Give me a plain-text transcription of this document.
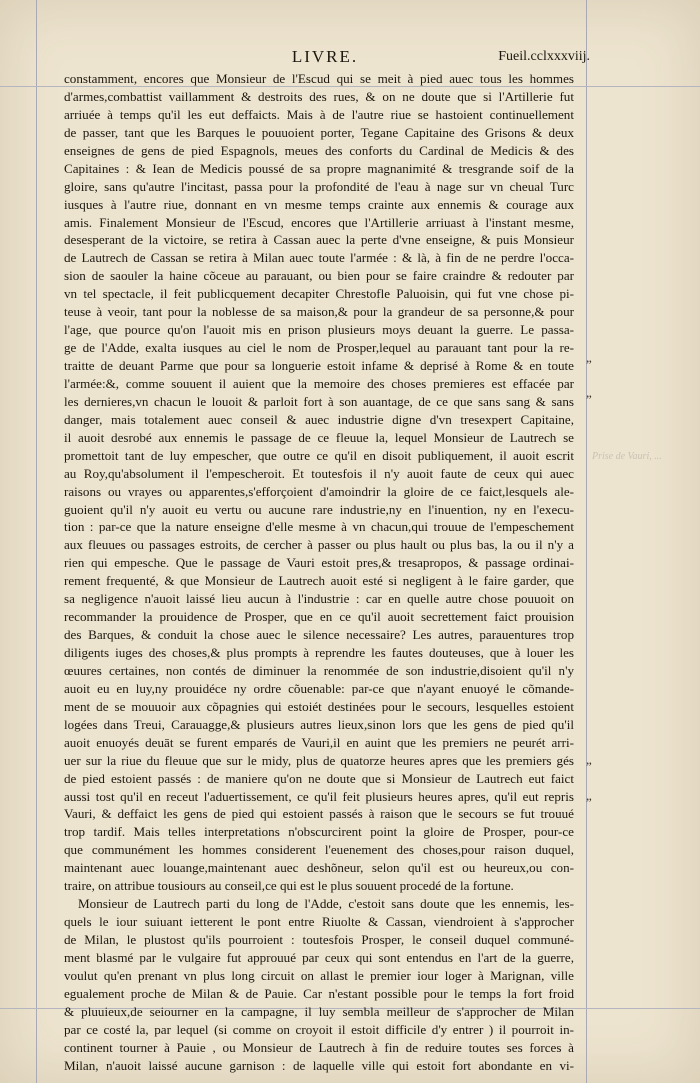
LIVRE.	Fueil.cclxxxviij.
constamment, encores que Monsieur de l'Escud qui se meit à pied auec tous les hommes
d'armes,combattist vaillamment & destroits des rues, & on ne doute que si l'Artillerie fut
arriuée à temps qu'il les eut deffaicts. Mais à de l'autre riue se hastoient continuellement
de passer, tant que les Barques le pouuoient porter, Tegane Capitaine des Grisons & deux
enseignes de gens de pied Espagnols, meues des conforts du Cardinal de Medicis & des
Capitaines : & Iean de Medicis poussé de sa propre magnanimité & tresgrande soif de la
gloire, sans qu'autre l'incitast, passa pour la profondité de l'eau à nage sur vn cheual Turc
iusques à l'autre riue, donnant en vn mesme temps crainte aux ennemis & courage aux
amis. Finalement Monsieur de l'Escud, encores que l'Artillerie arriuast à l'instant mesme,
desesperant de la victoire, se retira à Cassan auec la perte d'vne enseigne, & puis Monsieur
de Lautrech de Cassan se retira à Milan auec toute l'armée : & là, à fin de ne perdre l'occa-
sion de saouler la haine cõceue au parauant, ou bien pour se faire craindre & redouter par
vn tel spectacle, il feit publicquement decapiter Chrestofle Paluoisin, qui fut vne chose pi-
teuse à veoir, tant pour la noblesse de sa maison,& pour la grandeur de sa personne,& pour
l'age, que pource qu'on l'auoit mis en prison plusieurs moys deuant la guerre. Le passa-
ge de l'Adde, exalta iusques au ciel le nom de Prosper,lequel au parauant tant pour la re-
traitte de deuant Parme que pour sa longuerie estoit infame & deprisé à Rome & en toute
l'armée:&, comme souuent il auient que la memoire des choses premieres est effacée par
les dernieres,vn chacun le louoit & parloit fort à son auantage, de ce que sans sang & sans
danger, mais totalement auec conseil & auec industrie digne d'vn tresexpert Capitaine,
il auoit desrobé aux ennemis le passage de ce fleuue la, lequel Monsieur de Lautrech se
promettoit tant de luy empescher, que outre ce qu'il en disoit publiquement, il auoit escrit
au Roy,qu'absolument il l'empescheroit. Et toutesfois il n'y auoit faute de ceux qui auec
raisons ou vrayes ou apparentes,s'efforçoient d'amoindrir la gloire de ce faict,lesquels ale-
guoient qu'il n'y auoit eu vertu ou aucune rare industrie,ny en l'inuention, ny en l'execu-
tion : par-ce que la nature enseigne d'elle mesme à vn chacun,qui trouue de l'empeschement
aux fleuues ou passages estroits, de cercher à passer ou plus hault ou plus bas, la ou il n'y a
rien qui empesche. Que le passage de Vauri estoit pres,& tresapropos, & passage ordinai-
rement frequenté, & que Monsieur de Lautrech auoit esté si negligent à le faire garder, que
sa negligence n'auoit laissé lieu aucun à l'industrie : car en quelle autre chose pouuoit on
recommander la prouidence de Prosper, que en ce qu'il auoit secrettement faict prouision
des Barques, & conduit la chose auec le silence necessaire? Les autres, parauentures trop
diligents iuges des choses,& plus prompts à reprendre les fautes douteuses, que à louer les
œuures certaines, non contés de diminuer la renommée de son industrie,disoient qu'il n'y
auoit eu en luy,ny prouidéce ny ordre cõuenable: par-ce que n'ayant enuoyé le cõmande-
ment de se mouuoir aux cõpagnies qui estoiét destinées pour le secours, lesquelles estoient
logées dans Treui, Carauagge,& plusieurs autres lieux,sinon lors que les gens de pied qu'il
auoit enuoyés deuāt se furent emparés de Vauri,il en auint que les premiers ne peurét arri-
uer sur la riue du fleuue que sur le midy, plus de quatorze heures apres que les premiers gés
de pied estoient passés : de maniere qu'on ne doute que si Monsieur de Lautrech eut faict
aussi tost qu'il en receut l'aduertissement, ce qu'il feit plusieurs heures apres, qu'il eut repris
Vauri, & deffaict les gens de pied qui estoient passés à raison que le secours se fut trouué
trop tardif. Mais telles interpretations n'obscurcirent point la gloire de Prosper, pour-ce
que communément les hommes considerent l'euenement des choses,pour raison duquel,
maintenant auec louange,maintenant auec deshõneur, selon qu'il est ou heureux,ou con-
traire, on attribue tousiours au conseil,ce qui est le plus souuent procedé de la fortune.
Monsieur de Lautrech parti du long de l'Adde, c'estoit sans doute que les ennemis, les-
quels le iour suiuant ietterent le pont entre Riuolte & Cassan, viendroient à s'approcher
de Milan, le plustost qu'ils pourroient : toutesfois Prosper, le conseil duquel communé-
ment blasmé par le vulgaire fut approuué par ceux qui sont entendus en l'art de la guerre,
voulut qu'en prenant vn plus long circuit on allast le premier iour loger à Marignan, ville
egualement proche de Milan & de Pauie. Car n'estant possible pour le temps la fort froid
& pluuieux,de seiourner en la campagne, il luy sembla meilleur de s'approcher de Milan
par ce costé la, par lequel (si comme on croyoit il estoit difficile d'y entrer ) il pourroit in-
continent tourner à Pauie , ou Monsieur de Lautrech à fin de reduire toutes ses forces à
Milan, n'auoit laissé aucune garnison : de laquelle ville qui estoit fort abondante en vi-
„
„
„
„
Prise de Vauri, ...
